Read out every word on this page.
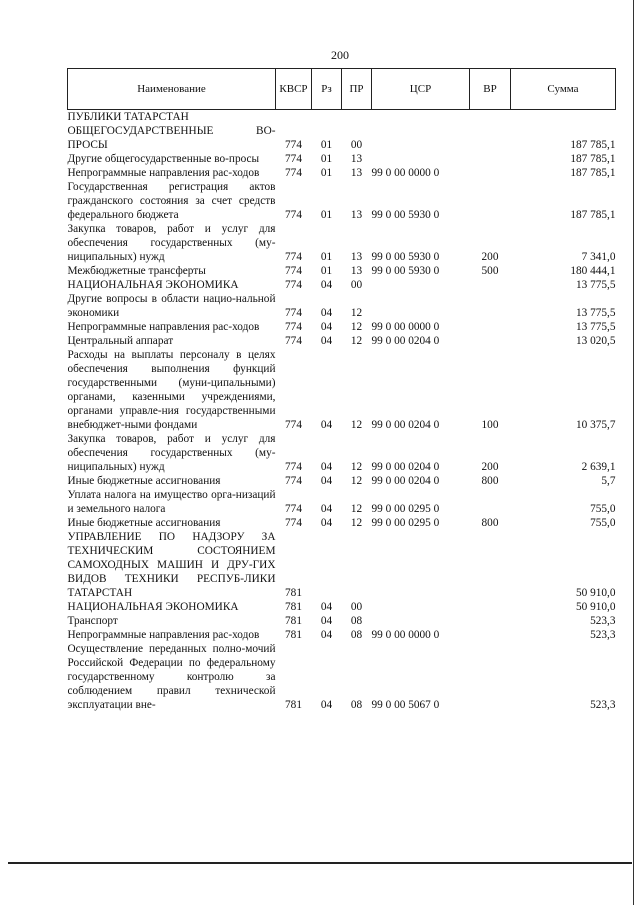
200
Наименование	КВСР	Рз	ПР	ЦСР	ВР	Сумма
ПУБЛИКИ ТАТАРСТАН						
ОБЩЕГОСУДАРСТВЕННЫЕ ВО-ПРОСЫ	774	01	00			187 785,1
Другие общегосударственные во-просы	774	01	13			187 785,1
Непрограммные направления рас-ходов	774	01	13	99 0 00 0000 0		187 785,1
Государственная регистрация актов гражданского состояния за счет средств федерального бюджета	774	01	13	99 0 00 5930 0		187 785,1
Закупка товаров, работ и услуг для обеспечения государственных (му-ниципальных) нужд	774	01	13	99 0 00 5930 0	200	7 341,0
Межбюджетные трансферты	774	01	13	99 0 00 5930 0	500	180 444,1
НАЦИОНАЛЬНАЯ ЭКОНОМИКА	774	04	00			13 775,5
Другие вопросы в области нацио-нальной экономики	774	04	12			13 775,5
Непрограммные направления рас-ходов	774	04	12	99 0 00 0000 0		13 775,5
Центральный аппарат	774	04	12	99 0 00 0204 0		13 020,5
Расходы на выплаты персоналу в целях обеспечения выполнения функций государственными (муни-ципальными) органами, казенными учреждениями, органами управле-ния государственными внебюджет-ными фондами	774	04	12	99 0 00 0204 0	100	10 375,7
Закупка товаров, работ и услуг для обеспечения государственных (му-ниципальных) нужд	774	04	12	99 0 00 0204 0	200	2 639,1
Иные бюджетные ассигнования	774	04	12	99 0 00 0204 0	800	5,7
Уплата налога на имущество орга-низаций и земельного налога	774	04	12	99 0 00 0295 0		755,0
Иные бюджетные ассигнования	774	04	12	99 0 00 0295 0	800	755,0
УПРАВЛЕНИЕ ПО НАДЗОРУ ЗА ТЕХНИЧЕСКИМ СОСТОЯНИЕМ САМОХОДНЫХ МАШИН И ДРУ-ГИХ ВИДОВ ТЕХНИКИ РЕСПУБ-ЛИКИ ТАТАРСТАН	781					50 910,0
НАЦИОНАЛЬНАЯ ЭКОНОМИКА	781	04	00			50 910,0
Транспорт	781	04	08			523,3
Непрограммные направления рас-ходов	781	04	08	99 0 00 0000 0		523,3
Осуществление переданных полно-мочий Российской Федерации по федеральному государственному контролю за соблюдением правил технической эксплуатации вне-	781	04	08	99 0 00 5067 0		523,3
